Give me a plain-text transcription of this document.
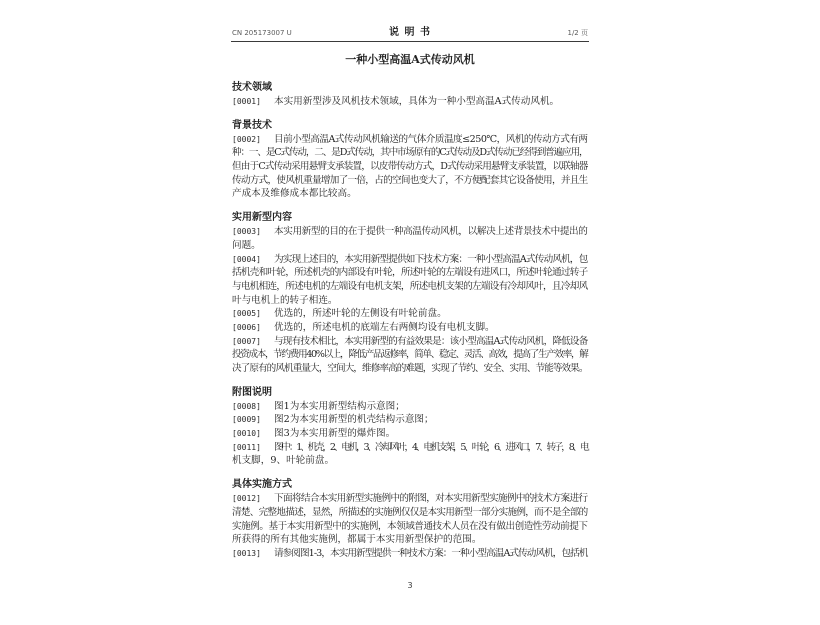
CN 205173007 U	说 明 书	1/2 页
一种小型高温A式传动风机
技术领域
[0001] 本实用新型涉及风机技术领域，具体为一种小型高温A式传动风机。
背景技术
[0002] 目前小型高温A式传动风机输送的气体介质温度≤250℃，风机的传动方式有两
种：一、是C式传动，二、是D式传动，其中市场原有的C式传动及D式传动已经得到普遍应用，
但由于C式传动采用悬臂支承装置，以皮带传动方式，D式传动采用悬臂支承装置，以联轴器
传动方式，使风机重量增加了一倍，占的空间也变大了，不方便配套其它设备使用，并且生
产成本及维修成本都比较高。
实用新型内容
[0003] 本实用新型的目的在于提供一种高温传动风机，以解决上述背景技术中提出的
问题。
[0004] 为实现上述目的，本实用新型提供如下技术方案：一种小型高温A式传动风机，包
括机壳和叶轮，所述机壳的内部设有叶轮，所述叶轮的左端设有进风口，所述叶轮通过转子
与电机相连，所述电机的左端设有电机支架，所述电机支架的左端设有冷却风叶，且冷却风
叶与电机上的转子相连。
[0005] 优选的，所述叶轮的左侧设有叶轮前盘。
[0006] 优选的，所述电机的底端左右两侧均设有电机支脚。
[0007] 与现有技术相比，本实用新型的有益效果是：该小型高温A式传动风机，降低设备
投资成本，节约费用40%以上，降低产品返修率，简单、稳定、灵活、高效，提高了生产效率，解
决了原有的风机重量大，空间大，维修率高的难题，实现了节约、安全、实用、节能等效果。
附图说明
[0008] 图1为本实用新型结构示意图；
[0009] 图2为本实用新型的机壳结构示意图；
[0010] 图3为本实用新型的爆炸图。
[0011] 图中：1、机壳，2、电机，3、冷却风叶，4、电机支架，5、叶轮，6、进风口，7、转子，8、电
机支脚，9、叶轮前盘。
具体实施方式
[0012] 下面将结合本实用新型实施例中的附图，对本实用新型实施例中的技术方案进行
清楚、完整地描述，显然，所描述的实施例仅仅是本实用新型一部分实施例，而不是全部的
实施例。基于本实用新型中的实施例，本领域普通技术人员在没有做出创造性劳动前提下
所获得的所有其他实施例，都属于本实用新型保护的范围。
[0013] 请参阅图1-3，本实用新型提供一种技术方案：一种小型高温A式传动风机，包括机
3
